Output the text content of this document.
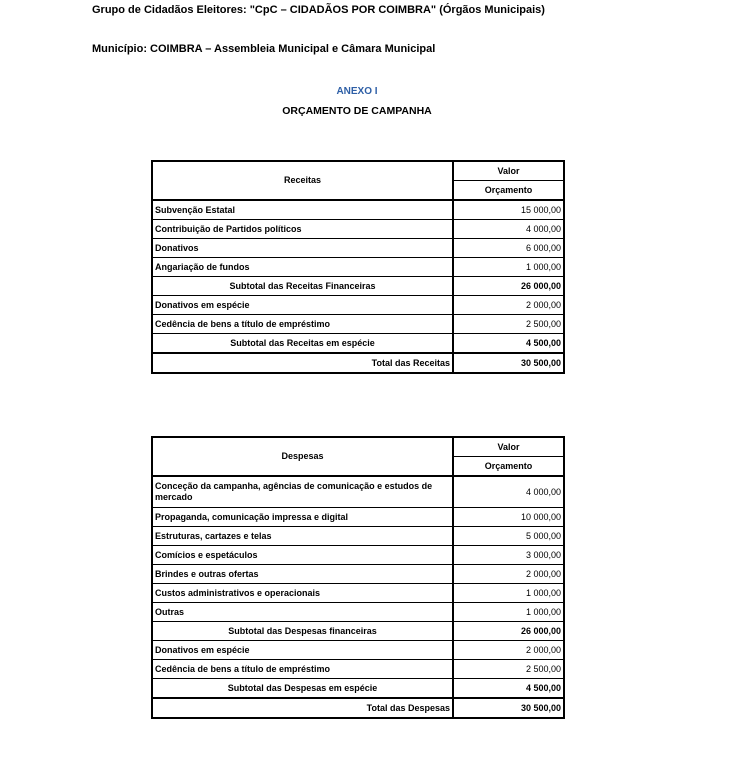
Grupo de Cidadãos Eleitores: "CpC – CIDADÃOS POR COIMBRA" (Órgãos Municipais)
Município: COIMBRA – Assembleia Municipal e Câmara Municipal
ANEXO I
ORÇAMENTO DE CAMPANHA
Receitas	Valor
	Orçamento
Subvenção Estatal	15 000,00
Contribuição de Partidos políticos	4 000,00
Donativos	6 000,00
Angariação de fundos	1 000,00
Subtotal das Receitas Financeiras	26 000,00
Donativos em espécie	2 000,00
Cedência de bens a título de empréstimo	2 500,00
Subtotal das Receitas em espécie	4 500,00
Total das Receitas	30 500,00
Despesas	Valor
	Orçamento
Conceção da campanha, agências de comunicação e estudos de mercado	4 000,00
Propaganda, comunicação impressa e digital	10 000,00
Estruturas, cartazes e telas	5 000,00
Comícios e espetáculos	3 000,00
Brindes e outras ofertas	2 000,00
Custos administrativos e operacionais	1 000,00
Outras	1 000,00
Subtotal das Despesas financeiras	26 000,00
Donativos em espécie	2 000,00
Cedência de bens a título de empréstimo	2 500,00
Subtotal das Despesas em espécie	4 500,00
Total das Despesas	30 500,00
